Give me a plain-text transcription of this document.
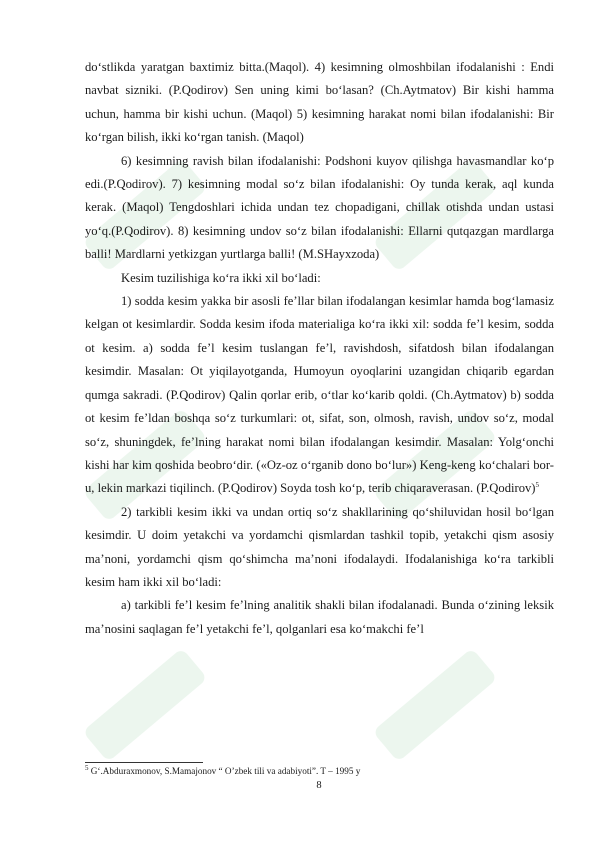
do‘stlikda yaratgan baxtimiz bitta.(Maqol). 4) kesimning olmoshbilan ifodalanishi : Endi navbat sizniki. (P.Qodirov) Sen uning kimi bo‘lasan? (Ch.Aytmatov) Bir kishi hamma uchun, hamma bir kishi uchun. (Maqol) 5) kesimning harakat nomi bilan ifodalanishi: Bir ko‘rgan bilish, ikki ko‘rgan tanish. (Maqol)

6) kesimning ravish bilan ifodalanishi: Podshoni kuyov qilishga havasmandlar ko‘p edi.(P.Qodirov). 7) kesimning modal so‘z bilan ifodalanishi: Oy tunda kerak, aql kunda kerak. (Maqol) Tengdoshlari ichida undan tez chopadigani, chillak otishda undan ustasi yo‘q.(P.Qodirov). 8) kesimning undov so‘z bilan ifodalanishi: Ellarni qutqazgan mardlarga balli! Mardlarni yetkizgan yurtlarga balli! (M.SHayxzoda)

Kesim tuzilishiga ko‘ra ikki xil bo‘ladi:

1) sodda kesim yakka bir asosli fe’llar bilan ifodalangan kesimlar hamda bog‘lamasiz kelgan ot kesimlardir. Sodda kesim ifoda materialiga ko‘ra ikki xil: sodda fe’l kesim, sodda ot kesim. a) sodda fe’l kesim tuslangan fe’l, ravishdosh, sifatdosh bilan ifodalangan kesimdir. Masalan: Ot yiqilayotganda, Humoyun oyoqlarini uzangidan chiqarib egardan qumga sakradi. (P.Qodirov) Qalin qorlar erib, o‘tlar ko‘karib qoldi. (Ch.Aytmatov) b) sodda ot kesim fe’ldan boshqa so‘z turkumlari: ot, sifat, son, olmosh, ravish, undov so‘z, modal so‘z, shuningdek, fe’lning harakat nomi bilan ifodalangan kesimdir. Masalan: Yolg‘onchi kishi har kim qoshida beobro‘dir. («Oz-oz o‘rganib dono bo‘lur») Keng-keng ko‘chalari bor-u, lekin markazi tiqilinch. (P.Qodirov) Soyda tosh ko‘p, terib chiqaraverasan. (P.Qodirov)$^5$

2) tarkibli kesim ikki va undan ortiq so‘z shakllarining qo‘shiluvidan hosil bo‘lgan kesimdir. U doim yetakchi va yordamchi qismlardan tashkil topib, yetakchi qism asosiy ma’noni, yordamchi qism qo‘shimcha ma’noni ifodalaydi. Ifodalanishiga ko‘ra tarkibli kesim ham ikki xil bo‘ladi:

a) tarkibli fe’l kesim fe’lning analitik shakli bilan ifodalanadi. Bunda o‘zining leksik ma’nosini saqlagan fe’l yetakchi fe’l, qolganlari esa ko‘makchi fe’l

$^5$ G‘.Abduraxmonov, S.Mamajonov “ O’zbek tili va adabiyoti”. T – 1995 y
8
